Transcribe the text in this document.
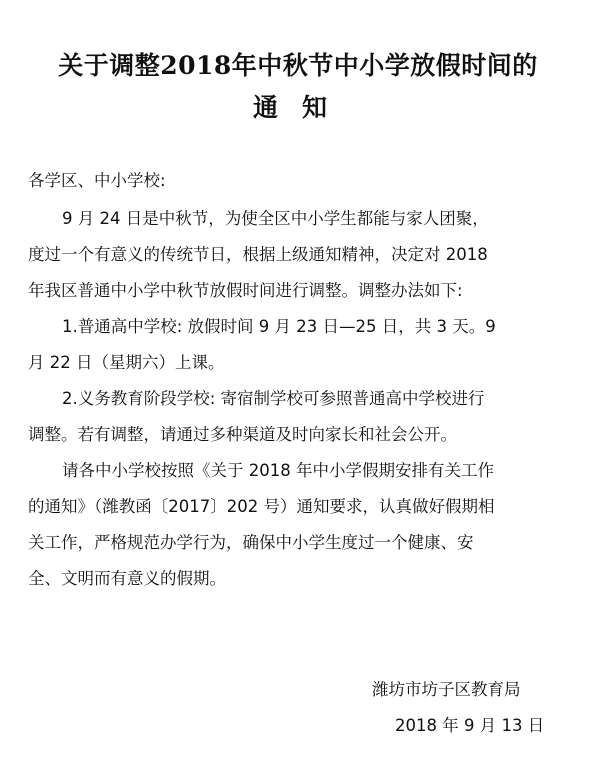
关于调整2018年中秋节中小学放假时间的
通知
各学区、中小学校:
9 月 24 日是中秋节，为使全区中小学生都能与家人团聚，
度过一个有意义的传统节日，根据上级通知精神，决定对 2018
年我区普通中小学中秋节放假时间进行调整。调整办法如下:
1.普通高中学校: 放假时间 9 月 23 日—25 日，共 3 天。9
月 22 日（星期六）上课。
2.义务教育阶段学校: 寄宿制学校可参照普通高中学校进行
调整。若有调整，请通过多种渠道及时向家长和社会公开。
请各中小学校按照《关于 2018 年中小学假期安排有关工作
的通知》（潍教函〔2017〕202 号）通知要求，认真做好假期相
关工作，严格规范办学行为，确保中小学生度过一个健康、安
全、文明而有意义的假期。
潍坊市坊子区教育局
2018 年 9 月 13 日
